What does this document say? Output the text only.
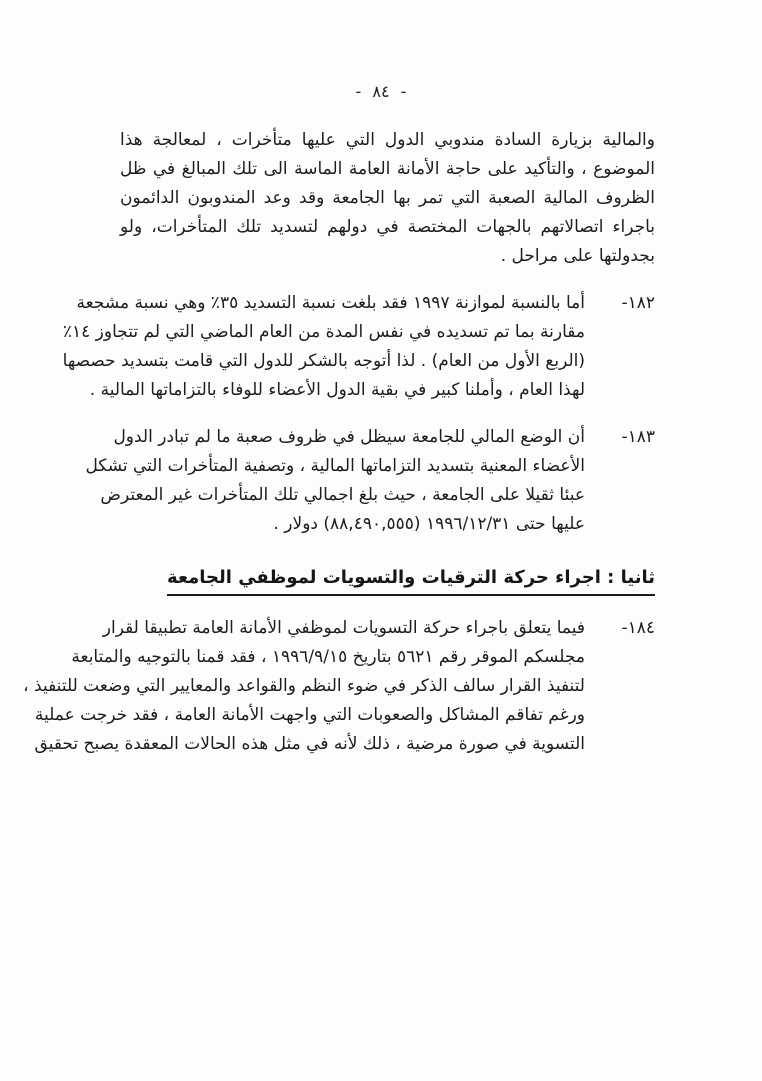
- ٨٤ -
والمالية بزيارة السادة مندوبي الدول التي عليها متأخرات ، لمعالجة هذا
الموضوع ، والتأكيد على حاجة الأمانة العامة الماسة الى تلك المبالغ في ظل
الظروف المالية الصعبة التي تمر بها الجامعة وقد وعد المندوبون الدائمون
باجراء اتصالاتهم بالجهات المختصة في دولهم لتسديد تلك المتأخرات، ولو
بجدولتها على مراحل .
١٨٢-
أما بالنسبة لموازنة ١٩٩٧ فقد بلغت نسبة التسديد ٣٥٪ وهي نسبة مشجعة
مقارنة بما تم تسديده في نفس المدة من العام الماضي التي لم تتجاوز ١٤٪
(الربع الأول من العام) . لذا أتوجه بالشكر للدول التي قامت بتسديد حصصها
لهذا العام ، وأملنا كبير في بقية الدول الأعضاء للوفاء بالتزاماتها المالية .
١٨٣-
أن الوضع المالي للجامعة سيظل في ظروف صعبة ما لم تبادر الدول
الأعضاء المعنية بتسديد التزاماتها المالية ، وتصفية المتأخرات التي تشكل
عبئا ثقيلا على الجامعة ، حيث بلغ اجمالي تلك المتأخرات غير المعترض
عليها حتى ١٩٩٦/١٢/٣١ (٨٨,٤٩٠,٥٥٥) دولار .
ثانيا : اجراء حركة الترقيات والتسويات لموظفي الجامعة
١٨٤-
فيما يتعلق باجراء حركة التسويات لموظفي الأمانة العامة تطبيقا لقرار
مجلسكم الموقر رقم ٥٦٢١ بتاريخ ١٩٩٦/٩/١٥ ، فقد قمنا بالتوجيه والمتابعة
لتنفيذ القرار سالف الذكر في ضوء النظم والقواعد والمعايير التي وضعت للتنفيذ ،
ورغم تفاقم المشاكل والصعوبات التي واجهت الأمانة العامة ، فقد خرجت عملية
التسوية في صورة مرضية ، ذلك لأنه في مثل هذه الحالات المعقدة يصبح تحقيق
